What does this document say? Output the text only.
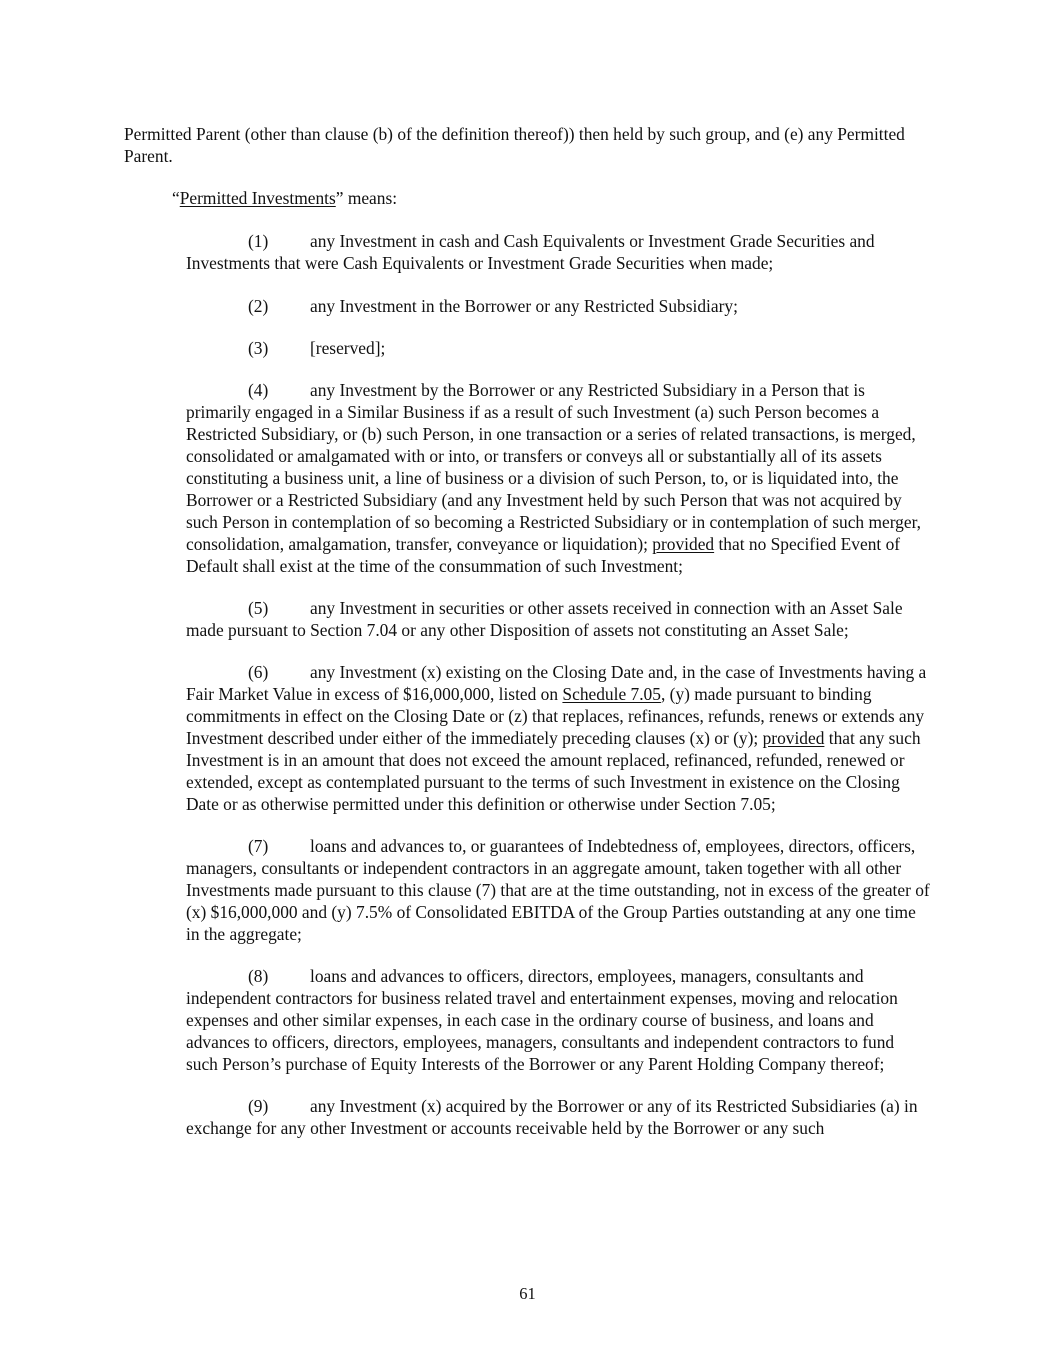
Permitted Parent (other than clause (b) of the definition thereof)) then held by such group, and (e) any Permitted Parent.

“Permitted Investments” means:

(1) any Investment in cash and Cash Equivalents or Investment Grade Securities and Investments that were Cash Equivalents or Investment Grade Securities when made;

(2) any Investment in the Borrower or any Restricted Subsidiary;

(3) [reserved];

(4) any Investment by the Borrower or any Restricted Subsidiary in a Person that is primarily engaged in a Similar Business if as a result of such Investment (a) such Person becomes a Restricted Subsidiary, or (b) such Person, in one transaction or a series of related transactions, is merged, consolidated or amalgamated with or into, or transfers or conveys all or substantially all of its assets constituting a business unit, a line of business or a division of such Person, to, or is liquidated into, the Borrower or a Restricted Subsidiary (and any Investment held by such Person that was not acquired by such Person in contemplation of so becoming a Restricted Subsidiary or in contemplation of such merger, consolidation, amalgamation, transfer, conveyance or liquidation); provided that no Specified Event of Default shall exist at the time of the consummation of such Investment;

(5) any Investment in securities or other assets received in connection with an Asset Sale made pursuant to Section 7.04 or any other Disposition of assets not constituting an Asset Sale;

(6) any Investment (x) existing on the Closing Date and, in the case of Investments having a Fair Market Value in excess of $16,000,000, listed on Schedule 7.05, (y) made pursuant to binding commitments in effect on the Closing Date or (z) that replaces, refinances, refunds, renews or extends any Investment described under either of the immediately preceding clauses (x) or (y); provided that any such Investment is in an amount that does not exceed the amount replaced, refinanced, refunded, renewed or extended, except as contemplated pursuant to the terms of such Investment in existence on the Closing Date or as otherwise permitted under this definition or otherwise under Section 7.05;

(7) loans and advances to, or guarantees of Indebtedness of, employees, directors, officers, managers, consultants or independent contractors in an aggregate amount, taken together with all other Investments made pursuant to this clause (7) that are at the time outstanding, not in excess of the greater of (x) $16,000,000 and (y) 7.5% of Consolidated EBITDA of the Group Parties outstanding at any one time in the aggregate;

(8) loans and advances to officers, directors, employees, managers, consultants and independent contractors for business related travel and entertainment expenses, moving and relocation expenses and other similar expenses, in each case in the ordinary course of business, and loans and advances to officers, directors, employees, managers, consultants and independent contractors to fund such Person’s purchase of Equity Interests of the Borrower or any Parent Holding Company thereof;

(9) any Investment (x) acquired by the Borrower or any of its Restricted Subsidiaries (a) in exchange for any other Investment or accounts receivable held by the Borrower or any such

61
